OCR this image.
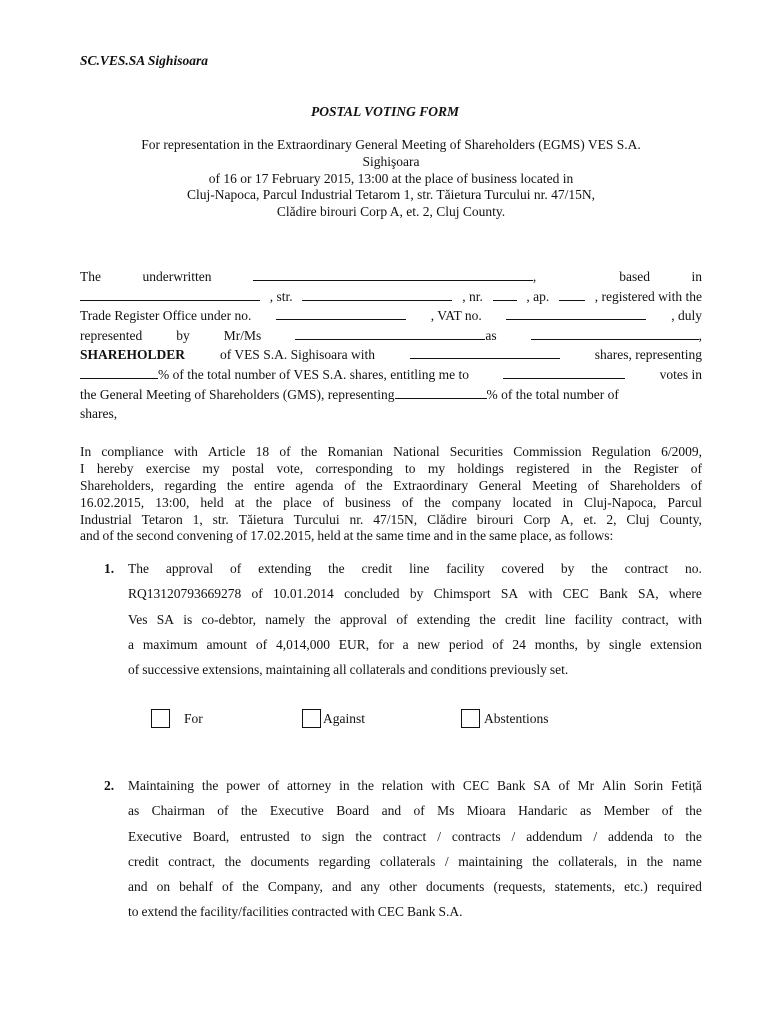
SC.VES.SA Sighisoara
POSTAL VOTING FORM
For representation in the Extraordinary General Meeting of Shareholders (EGMS) VES S.A.
Sighişoara
of 16 or 17 February 2015, 13:00 at the place of business located in
Cluj-Napoca, Parcul Industrial Tetarom 1, str. Tăietura Turcului nr. 47/15N,
Clădire birouri Corp A, et. 2, Cluj County.
The	underwritten	,	based	in
, str.	, nr.	, ap.	, registered with the
Trade Register Office under no.	, VAT no.	, duly
represented	by	Mr/Ms	as	,
SHAREHOLDER	of VES S.A. Sighisoara with	shares, representing
% of the total number of VES S.A. shares, entitling me to	votes in
the General Meeting of Shareholders (GMS), representing	% of the total number of
shares,
In compliance with Article 18 of the Romanian National Securities Commission Regulation 6/2009,
I hereby exercise my postal vote, corresponding to my holdings registered in the Register of
Shareholders, regarding the entire agenda of the Extraordinary General Meeting of Shareholders of
16.02.2015, 13:00, held at the place of business of the company located in Cluj-Napoca, Parcul
Industrial Tetaron 1, str. Tăietura Turcului nr. 47/15N, Clădire birouri Corp A, et. 2, Cluj County,
and of the second convening of 17.02.2015, held at the same time and in the same place, as follows:
1. The approval of extending the credit line facility covered by the contract no.
RQ13120793669278 of 10.01.2014 concluded by Chimsport SA with CEC Bank SA, where
Ves SA is co-debtor, namely the approval of extending the credit line facility contract, with
a maximum amount of 4,014,000 EUR, for a new period of 24 months, by single extension
of successive extensions, maintaining all collaterals and conditions previously set.
For	Against	Abstentions
2. Maintaining the power of attorney in the relation with CEC Bank SA of Mr Alin Sorin Fetiță
as Chairman of the Executive Board and of Ms Mioara Handaric as Member of the
Executive Board, entrusted to sign the contract / contracts / addendum / addenda to the
credit contract, the documents regarding collaterals / maintaining the collaterals, in the name
and on behalf of the Company, and any other documents (requests, statements, etc.) required
to extend the facility/facilities contracted with CEC Bank S.A.
